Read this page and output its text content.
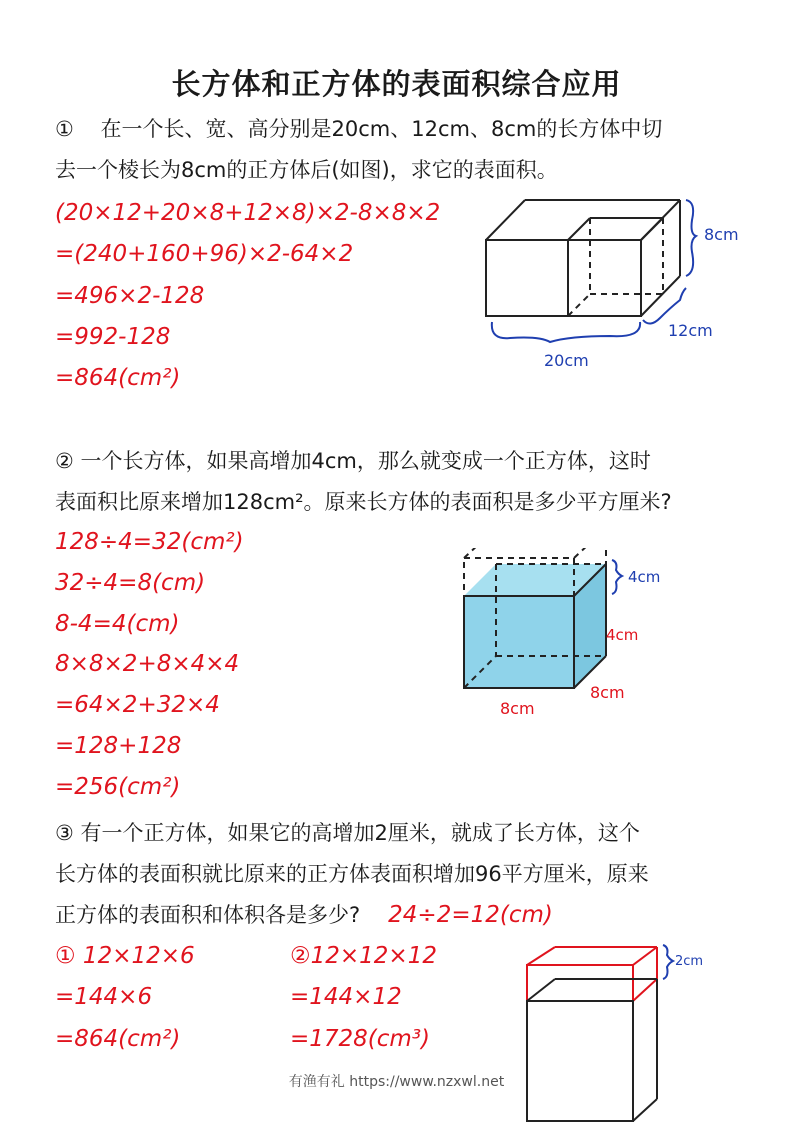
长方体和正方体的表面积综合应用
① 在一个长、宽、高分别是20cm、12cm、8cm的长方体中切
去一个棱长为8cm的正方体后(如图)，求它的表面积。
(20×12+20×8+12×8)×2-8×8×2
=(240+160+96)×2-64×2
=496×2-128
=992-128
=864(cm²)
8cm
12cm
20cm
② 一个长方体，如果高增加4cm，那么就变成一个正方体，这时
表面积比原来增加128cm²。原来长方体的表面积是多少平方厘米?
128÷4=32(cm²)
32÷4=8(cm)
8-4=4(cm)
8×8×2+8×4×4
=64×2+32×4
=128+128
=256(cm²)
4cm
4cm
8cm
8cm
③ 有一个正方体，如果它的高增加2厘米，就成了长方体，这个
长方体的表面积就比原来的正方体表面积增加96平方厘米，原来
正方体的表面积和体积各是多少? 24÷2=12(cm)
① 12×12×6
=144×6
=864(cm²)
②12×12×12
=144×12
=1728(cm³)
2cm
有渔有礼 https://www.nzxwl.net
